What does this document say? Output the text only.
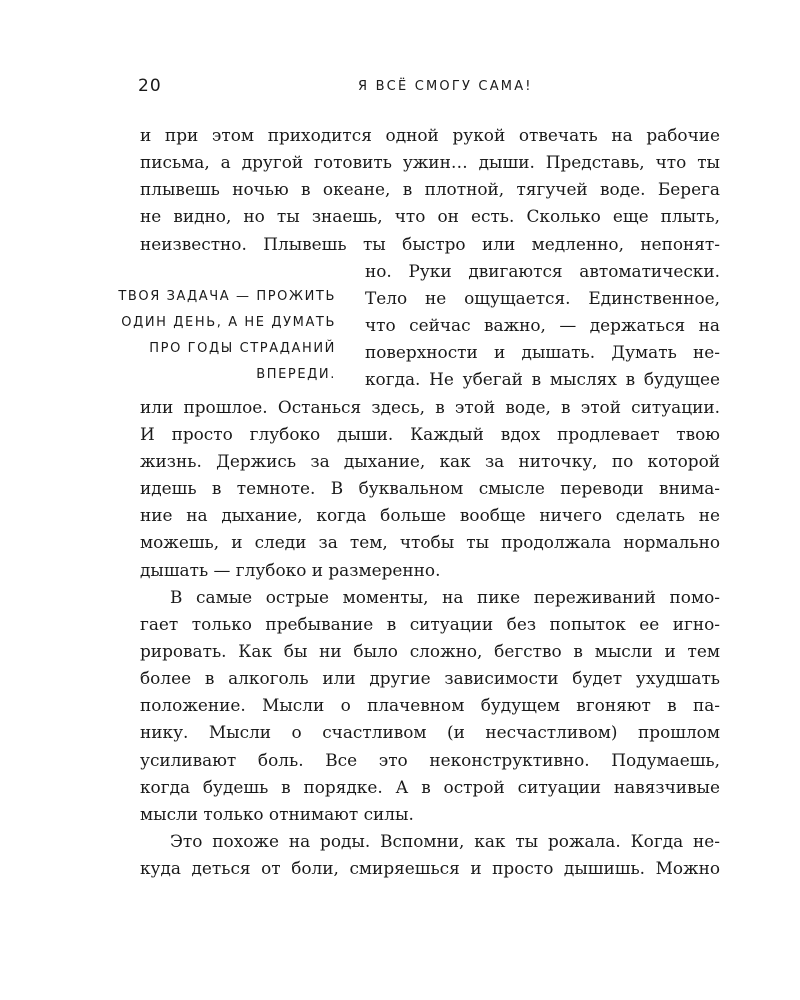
20	Я ВСЁ СМОГУ САМА!
ТВОЯ ЗАДАЧА — ПРОЖИТЬ
ОДИН ДЕНЬ, А НЕ ДУМАТЬ
ПРО ГОДЫ СТРАДАНИЙ
ВПЕРЕДИ.
и при этом приходится одной рукой отвечать на рабочие
письма, а другой готовить ужин… дыши. Представь, что ты
плывешь ночью в океане, в плотной, тягучей воде. Берега
не видно, но ты знаешь, что он есть. Сколько еще плыть,
неизвестно. Плывешь ты быстро или медленно, непонят-
но. Руки двигаются автоматически.
Тело не ощущается. Единственное,
что сейчас важно, — держаться на
поверхности и дышать. Думать не-
когда. Не убегай в мыслях в будущее
или прошлое. Останься здесь, в этой воде, в этой ситуации.
И просто глубоко дыши. Каждый вдох продлевает твою
жизнь. Держись за дыхание, как за ниточку, по которой
идешь в темноте. В буквальном смысле переводи внима-
ние на дыхание, когда больше вообще ничего сделать не
можешь, и следи за тем, чтобы ты продолжала нормально
дышать — глубоко и размеренно.
В самые острые моменты, на пике переживаний помо-
гает только пребывание в ситуации без попыток ее игно-
рировать. Как бы ни было сложно, бегство в мысли и тем
более в алкоголь или другие зависимости будет ухудшать
положение. Мысли о плачевном будущем вгоняют в па-
нику. Мысли о счастливом (и несчастливом) прошлом
усиливают боль. Все это неконструктивно. Подумаешь,
когда будешь в порядке. А в острой ситуации навязчивые
мысли только отнимают силы.
Это похоже на роды. Вспомни, как ты рожала. Когда не-
куда деться от боли, смиряешься и просто дышишь. Можно
